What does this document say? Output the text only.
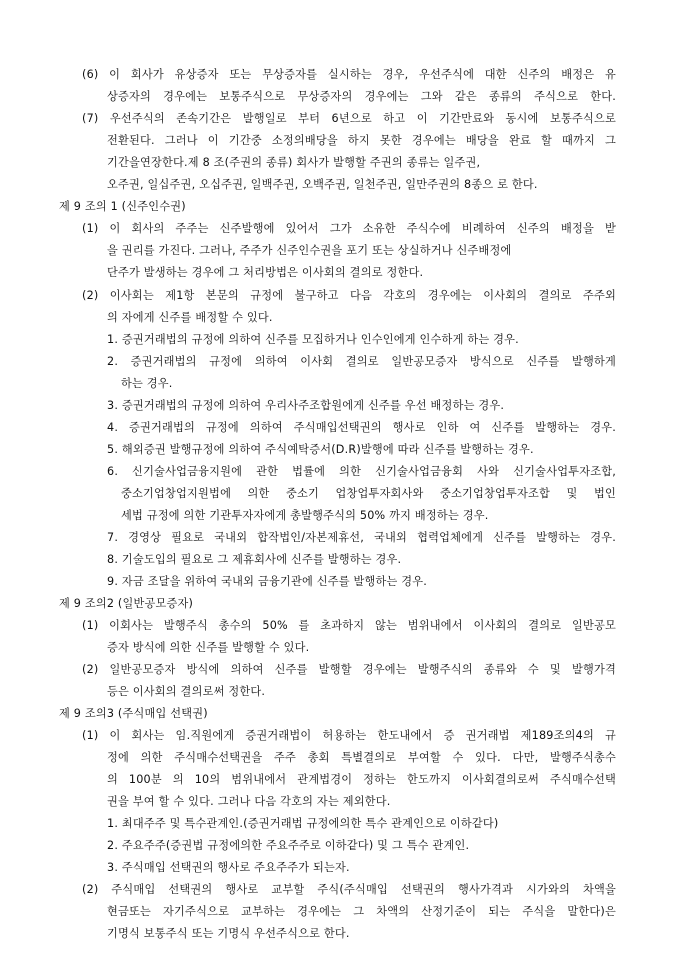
(6) 이 회사가 유상증자 또는 무상증자를 실시하는 경우, 우선주식에 대한 신주의 배정은 유
상증자의 경우에는 보통주식으로 무상증자의 경우에는 그와 같은 종류의 주식으로 한다.
(7) 우선주식의 존속기간은 발행일로 부터 6년으로 하고 이 기간만료와 동시에 보통주식으로
전환된다. 그러나 이 기간중 소정의배당을 하지 못한 경우에는 배당을 완료 할 때까지 그
기간을연장한다.제 8 조(주권의 종류) 회사가 발행할 주권의 종류는 일주권,
오주권, 일십주권, 오십주권, 일백주권, 오백주권, 일천주권, 일만주권의 8종으 로 한다.
제 9 조의 1 (신주인수권)
(1) 이 회사의 주주는 신주발행에 있어서 그가 소유한 주식수에 비례하여 신주의 배정을 받
을 권리를 가진다. 그러나, 주주가 신주인수권을 포기 또는 상실하거나 신주배정에
단주가 발생하는 경우에 그 처리방법은 이사회의 결의로 정한다.
(2) 이사회는 제1항 본문의 규정에 불구하고 다음 각호의 경우에는 이사회의 결의로 주주외
의 자에게 신주를 배정할 수 있다.
1. 증권거래법의 규정에 의하여 신주를 모집하거나 인수인에게 인수하게 하는 경우.
2. 증권거래법의 규정에 의하여 이사회 결의로 일반공모증자 방식으로 신주를 발행하게
하는 경우.
3. 증권거래법의 규정에 의하여 우리사주조합원에게 신주를 우선 배정하는 경우.
4. 증권거래법의 규정에 의하여 주식매입선택권의 행사로 인하 여 신주를 발행하는 경우.
5. 해외증권 발행규정에 의하여 주식예탁증서(D.R)발행에 따라 신주를 발행하는 경우.
6. 신기술사업금융지원에 관한 법률에 의한 신기술사업금융회 사와 신기술사업투자조합,
중소기업창업지원법에 의한 중소기 업창업투자회사와 중소기업창업투자조합 및 법인
세법 규정에 의한 기관투자자에게 총발행주식의 50% 까지 배정하는 경우.
7. 경영상 필요로 국내외 합작법인/자본제휴선, 국내외 협력업체에게 신주를 발행하는 경우.
8. 기술도입의 필요로 그 제휴회사에 신주를 발행하는 경우.
9. 자금 조달을 위하여 국내외 금융기관에 신주를 발행하는 경우.
제 9 조의2 (일반공모증자)
(1) 이회사는 발행주식 총수의 50% 를 초과하지 않는 범위내에서 이사회의 결의로 일반공모
증자 방식에 의한 신주를 발행할 수 있다.
(2) 일반공모증자 방식에 의하여 신주를 발행할 경우에는 발행주식의 종류와 수 및 발행가격
등은 이사회의 결의로써 정한다.
제 9 조의3 (주식매입 선택권)
(1) 이 회사는 임.직원에게 증권거래법이 허용하는 한도내에서 증 권거래법 제189조의4의 규
정에 의한 주식매수선택권을 주주 총회 특별결의로 부여할 수 있다. 다만, 발행주식총수
의 100분 의 10의 범위내에서 관계법경이 정하는 한도까지 이사회결의로써 주식매수선택
권을 부여 할 수 있다. 그러나 다음 각호의 자는 제외한다.
1. 최대주주 및 특수관계인.(증권거래법 규정에의한 특수 관계인으로 이하같다)
2. 주요주주(증권법 규정에의한 주요주주로 이하같다) 및 그 특수 관계인.
3. 주식매입 선택권의 행사로 주요주주가 되는자.
(2) 주식매입 선택권의 행사로 교부할 주식(주식매입 선택권의 행사가격과 시가와의 차액을
현금또는 자기주식으로 교부하는 경우에는 그 차액의 산정기준이 되는 주식을 말한다)은
기명식 보통주식 또는 기명식 우선주식으로 한다.
